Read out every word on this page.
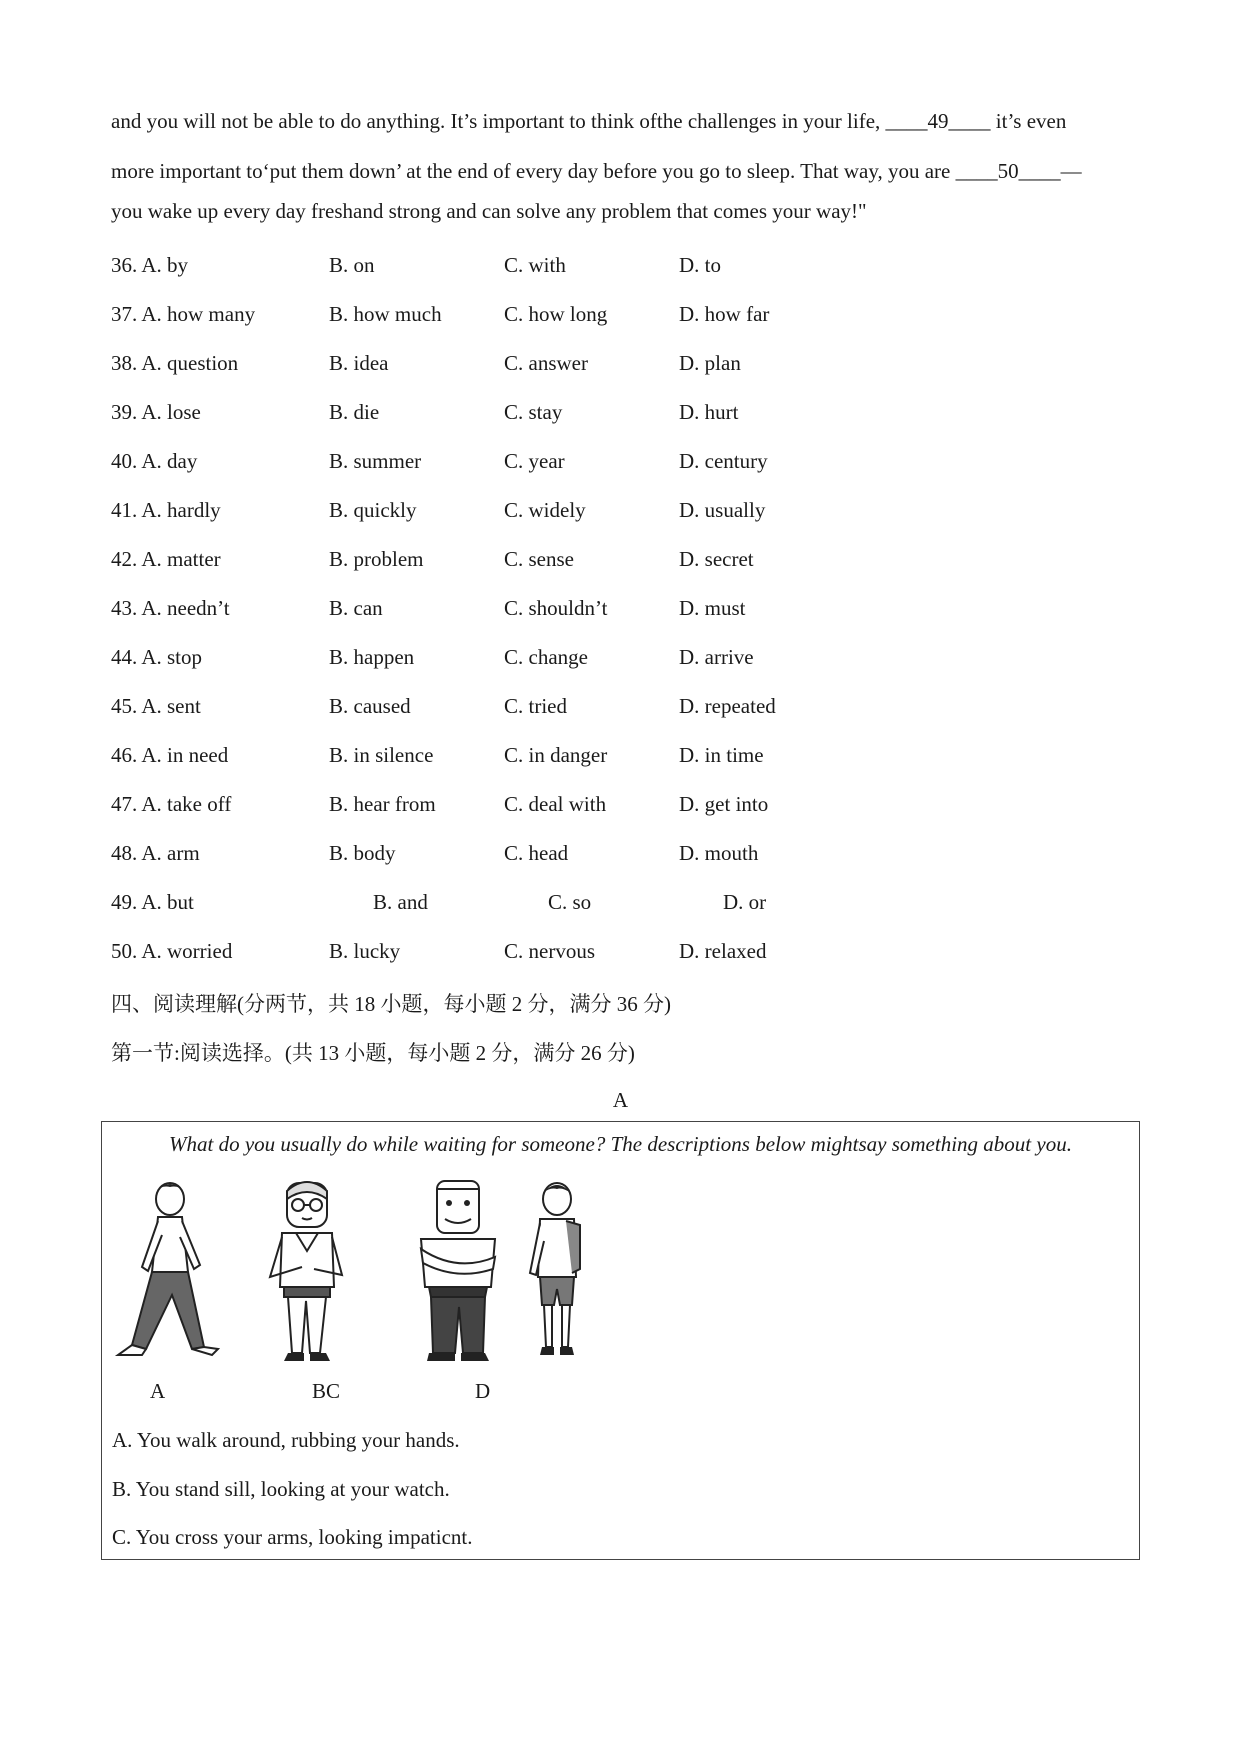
and you will not be able to do anything. It’s important to think ofthe challenges in your life, ____49____ it’s even

more important to‘put them down’ at the end of every day before you go to sleep. That way, you are ____50____—

you wake up every day freshand strong and can solve any problem that comes your way!"

36. A. by	B. on	C. with	D. to
37. A. how many	B. how much	C. how long	D. how far
38. A. question	B. idea	C. answer	D. plan
39. A. lose	B. die	C. stay	D. hurt
40. A. day	B. summer	C. year	D. century
41. A. hardly	B. quickly	C. widely	D. usually
42. A. matter	B. problem	C. sense	D. secret
43. A. needn’t	B. can	C. shouldn’t	D. must
44. A. stop	B. happen	C. change	D. arrive
45. A. sent	B. caused	C. tried	D. repeated
46. A. in need	B. in silence	C. in danger	D. in time
47. A. take off	B. hear from	C. deal with	D. get into
48. A. arm	B. body	C. head	D. mouth
49. A. but	B. and	C. so	D. or
50. A. worried	B. lucky	C. nervous	D. relaxed
四、阅读理解(分两节，共 18 小题，每小题 2 分，满分 36 分)
第一节:阅读选择。(共 13 小题，每小题 2 分，满分 26 分)
A
What do you usually do while waiting for someone? The descriptions below mightsay something about you.
A	BC	D
A. You walk around, rubbing your hands.
B. You stand sill, looking at your watch.
C. You cross your arms, looking impaticnt.
